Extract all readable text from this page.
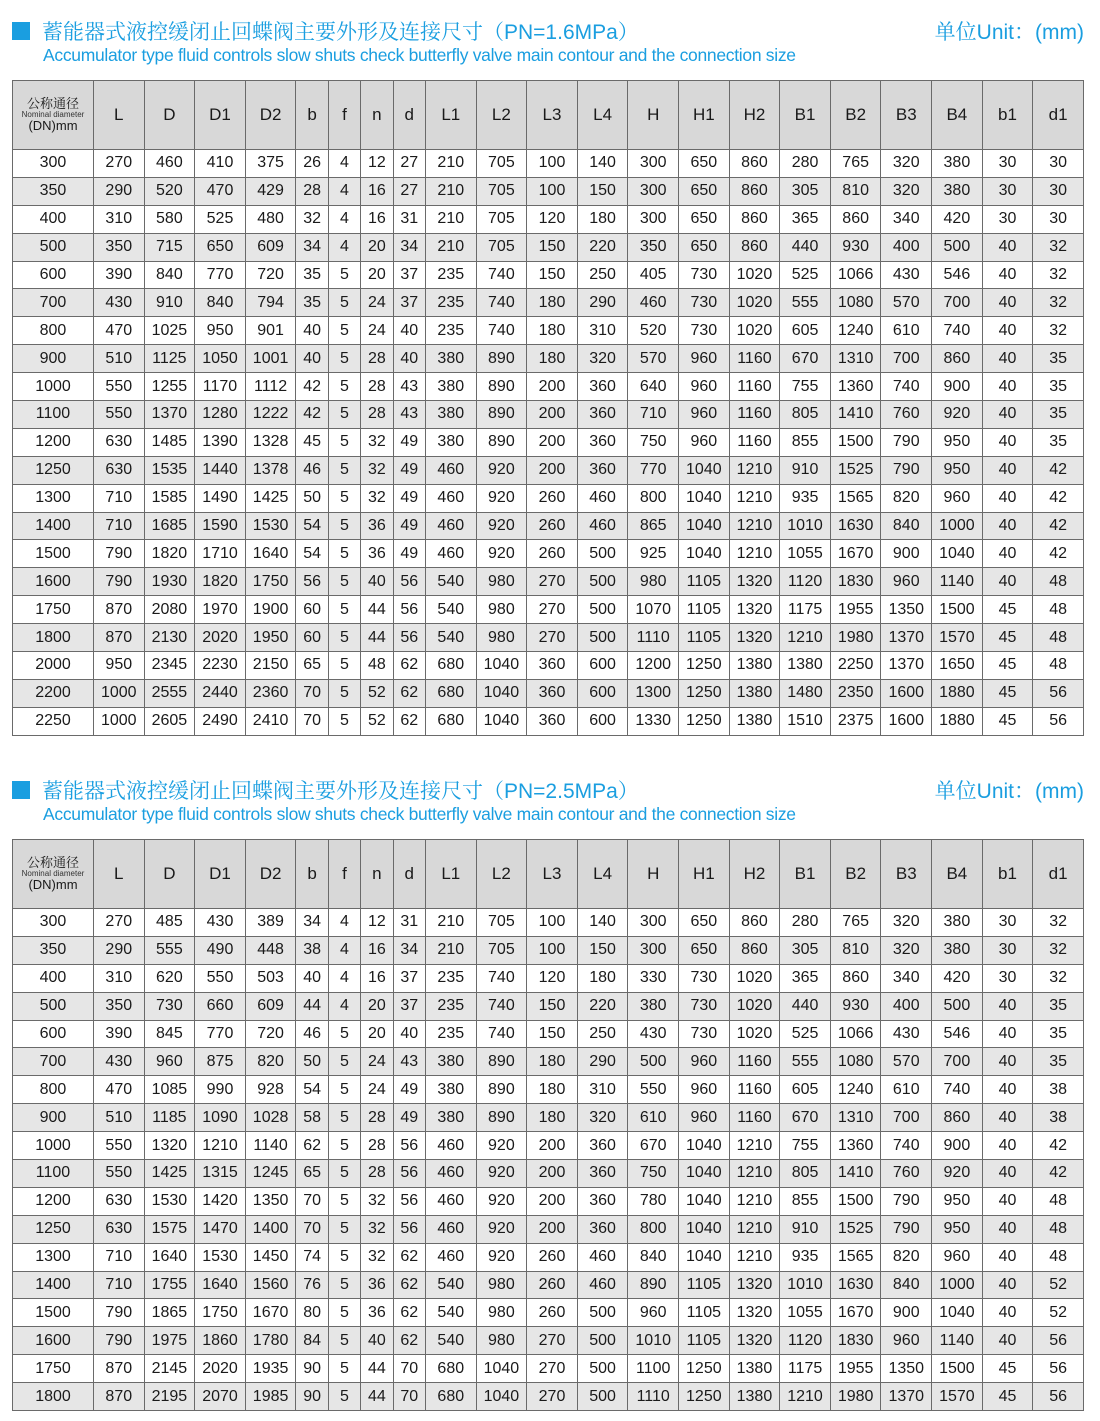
蓄能器式液控缓闭止回蝶阀主要外形及连接尺寸（PN=1.6MPa）
Accumulator type fluid controls slow shuts check butterfly valve main contour and the connection size
单位Unit：(mm)
公称通径
Nominal diameter
(DN)mm	L	D	D1	D2	b	f	n	d	L1	L2	L3	L4	H	H1	H2	B1	B2	B3	B4	b1	d1
300	270	460	410	375	26	4	12	27	210	705	100	140	300	650	860	280	765	320	380	30	30
350	290	520	470	429	28	4	16	27	210	705	100	150	300	650	860	305	810	320	380	30	30
400	310	580	525	480	32	4	16	31	210	705	120	180	300	650	860	365	860	340	420	30	30
500	350	715	650	609	34	4	20	34	210	705	150	220	350	650	860	440	930	400	500	40	32
600	390	840	770	720	35	5	20	37	235	740	150	250	405	730	1020	525	1066	430	546	40	32
700	430	910	840	794	35	5	24	37	235	740	180	290	460	730	1020	555	1080	570	700	40	32
800	470	1025	950	901	40	5	24	40	235	740	180	310	520	730	1020	605	1240	610	740	40	32
900	510	1125	1050	1001	40	5	28	40	380	890	180	320	570	960	1160	670	1310	700	860	40	35
1000	550	1255	1170	1112	42	5	28	43	380	890	200	360	640	960	1160	755	1360	740	900	40	35
1100	550	1370	1280	1222	42	5	28	43	380	890	200	360	710	960	1160	805	1410	760	920	40	35
1200	630	1485	1390	1328	45	5	32	49	380	890	200	360	750	960	1160	855	1500	790	950	40	35
1250	630	1535	1440	1378	46	5	32	49	460	920	200	360	770	1040	1210	910	1525	790	950	40	42
1300	710	1585	1490	1425	50	5	32	49	460	920	260	460	800	1040	1210	935	1565	820	960	40	42
1400	710	1685	1590	1530	54	5	36	49	460	920	260	460	865	1040	1210	1010	1630	840	1000	40	42
1500	790	1820	1710	1640	54	5	36	49	460	920	260	500	925	1040	1210	1055	1670	900	1040	40	42
1600	790	1930	1820	1750	56	5	40	56	540	980	270	500	980	1105	1320	1120	1830	960	1140	40	48
1750	870	2080	1970	1900	60	5	44	56	540	980	270	500	1070	1105	1320	1175	1955	1350	1500	45	48
1800	870	2130	2020	1950	60	5	44	56	540	980	270	500	1110	1105	1320	1210	1980	1370	1570	45	48
2000	950	2345	2230	2150	65	5	48	62	680	1040	360	600	1200	1250	1380	1380	2250	1370	1650	45	48
2200	1000	2555	2440	2360	70	5	52	62	680	1040	360	600	1300	1250	1380	1480	2350	1600	1880	45	56
2250	1000	2605	2490	2410	70	5	52	62	680	1040	360	600	1330	1250	1380	1510	2375	1600	1880	45	56
蓄能器式液控缓闭止回蝶阀主要外形及连接尺寸（PN=2.5MPa）
Accumulator type fluid controls slow shuts check butterfly valve main contour and the connection size
单位Unit：(mm)
公称通径
Nominal diameter
(DN)mm	L	D	D1	D2	b	f	n	d	L1	L2	L3	L4	H	H1	H2	B1	B2	B3	B4	b1	d1
300	270	485	430	389	34	4	12	31	210	705	100	140	300	650	860	280	765	320	380	30	32
350	290	555	490	448	38	4	16	34	210	705	100	150	300	650	860	305	810	320	380	30	32
400	310	620	550	503	40	4	16	37	235	740	120	180	330	730	1020	365	860	340	420	30	32
500	350	730	660	609	44	4	20	37	235	740	150	220	380	730	1020	440	930	400	500	40	35
600	390	845	770	720	46	5	20	40	235	740	150	250	430	730	1020	525	1066	430	546	40	35
700	430	960	875	820	50	5	24	43	380	890	180	290	500	960	1160	555	1080	570	700	40	35
800	470	1085	990	928	54	5	24	49	380	890	180	310	550	960	1160	605	1240	610	740	40	38
900	510	1185	1090	1028	58	5	28	49	380	890	180	320	610	960	1160	670	1310	700	860	40	38
1000	550	1320	1210	1140	62	5	28	56	460	920	200	360	670	1040	1210	755	1360	740	900	40	42
1100	550	1425	1315	1245	65	5	28	56	460	920	200	360	750	1040	1210	805	1410	760	920	40	42
1200	630	1530	1420	1350	70	5	32	56	460	920	200	360	780	1040	1210	855	1500	790	950	40	48
1250	630	1575	1470	1400	70	5	32	56	460	920	200	360	800	1040	1210	910	1525	790	950	40	48
1300	710	1640	1530	1450	74	5	32	62	460	920	260	460	840	1040	1210	935	1565	820	960	40	48
1400	710	1755	1640	1560	76	5	36	62	540	980	260	460	890	1105	1320	1010	1630	840	1000	40	52
1500	790	1865	1750	1670	80	5	36	62	540	980	260	500	960	1105	1320	1055	1670	900	1040	40	52
1600	790	1975	1860	1780	84	5	40	62	540	980	270	500	1010	1105	1320	1120	1830	960	1140	40	56
1750	870	2145	2020	1935	90	5	44	70	680	1040	270	500	1100	1250	1380	1175	1955	1350	1500	45	56
1800	870	2195	2070	1985	90	5	44	70	680	1040	270	500	1110	1250	1380	1210	1980	1370	1570	45	56
